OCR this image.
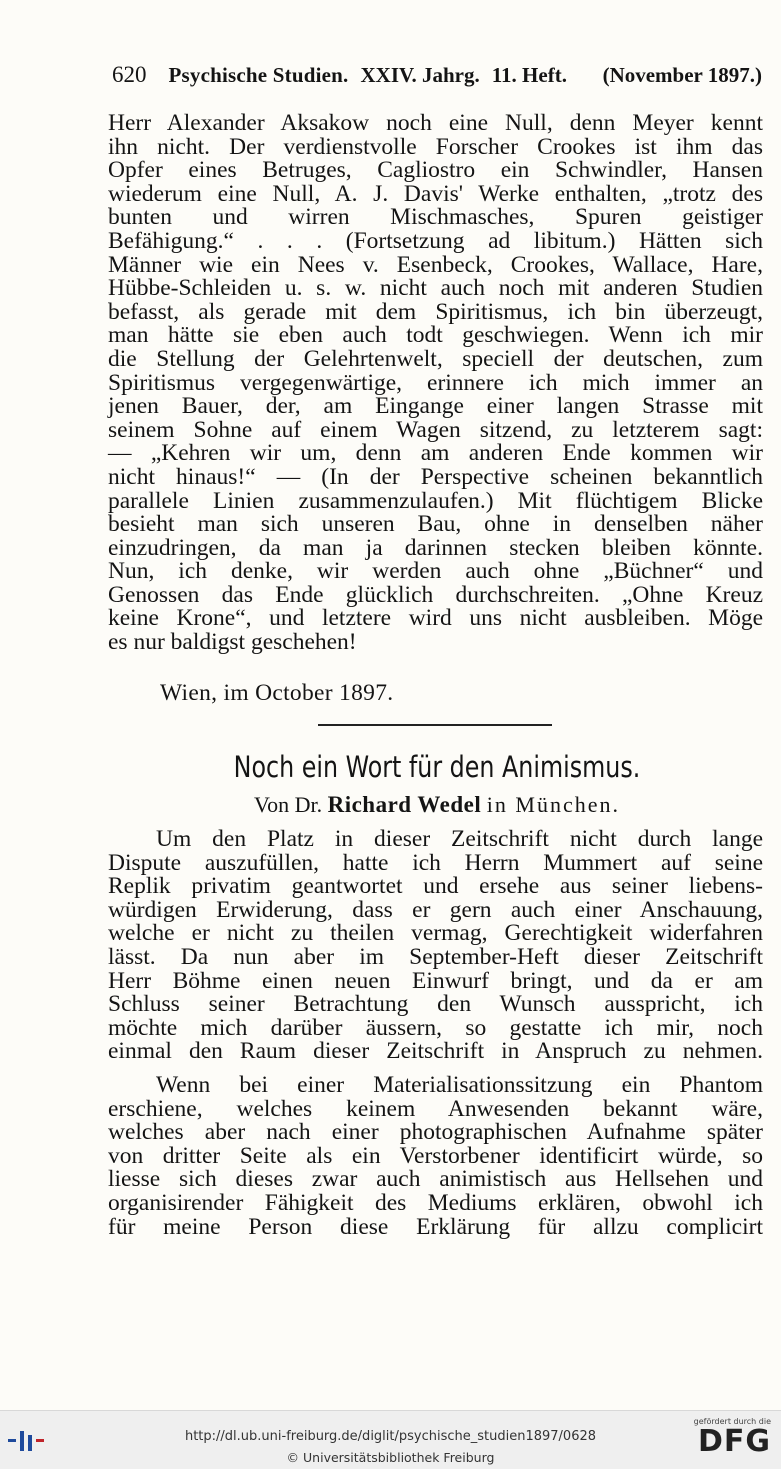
620 Psychische Studien. XXIV. Jahrg. 11. Heft. (November 1897.)

Herr Alexander Aksakow noch eine Null, denn Meyer kennt

ihn nicht. Der verdienstvolle Forscher Crookes ist ihm das

Opfer eines Betruges, Cagliostro ein Schwindler, Hansen

wiederum eine Null, A. J. Davis' Werke enthalten, „trotz des

bunten und wirren Mischmasches, Spuren geistiger

Befähigung.“ . . . (Fortsetzung ad libitum.) Hätten sich

Männer wie ein Nees v. Esenbeck, Crookes, Wallace, Hare,

Hübbe-Schleiden u. s. w. nicht auch noch mit anderen Studien

befasst, als gerade mit dem Spiritismus, ich bin überzeugt,

man hätte sie eben auch todt geschwiegen. Wenn ich mir

die Stellung der Gelehrtenwelt, speciell der deutschen, zum

Spiritismus vergegenwärtige, erinnere ich mich immer an

jenen Bauer, der, am Eingange einer langen Strasse mit

seinem Sohne auf einem Wagen sitzend, zu letzterem sagt:

— „Kehren wir um, denn am anderen Ende kommen wir

nicht hinaus!“ — (In der Perspective scheinen bekanntlich

parallele Linien zusammenzulaufen.) Mit flüchtigem Blicke

besieht man sich unseren Bau, ohne in denselben näher

einzudringen, da man ja darinnen stecken bleiben könnte.

Nun, ich denke, wir werden auch ohne „Büchner“ und

Genossen das Ende glücklich durchschreiten. „Ohne Kreuz

keine Krone“, und letztere wird uns nicht ausbleiben. Möge

es nur baldigst geschehen!

Wien, im October 1897.
Noch ein Wort für den Animismus.
Von Dr. Richard Wedel in München.

Um den Platz in dieser Zeitschrift nicht durch lange

Dispute auszufüllen, hatte ich Herrn Mummert auf seine

Replik privatim geantwortet und ersehe aus seiner liebens-

würdigen Erwiderung, dass er gern auch einer Anschauung,

welche er nicht zu theilen vermag, Gerechtigkeit widerfahren

lässt. Da nun aber im September-Heft dieser Zeitschrift

Herr Böhme einen neuen Einwurf bringt, und da er am

Schluss seiner Betrachtung den Wunsch ausspricht, ich

möchte mich darüber äussern, so gestatte ich mir, noch

einmal den Raum dieser Zeitschrift in Anspruch zu nehmen.

Wenn bei einer Materialisationssitzung ein Phantom

erschiene, welches keinem Anwesenden bekannt wäre,

welches aber nach einer photographischen Aufnahme später

von dritter Seite als ein Verstorbener identificirt würde, so

liesse sich dieses zwar auch animistisch aus Hellsehen und

organisirender Fähigkeit des Mediums erklären, obwohl ich

für meine Person diese Erklärung für allzu complicirt

http://dl.ub.uni-freiburg.de/diglit/psychische_studien1897/0628
© Universitätsbibliothek Freiburg
gefördert durch die
DFG
